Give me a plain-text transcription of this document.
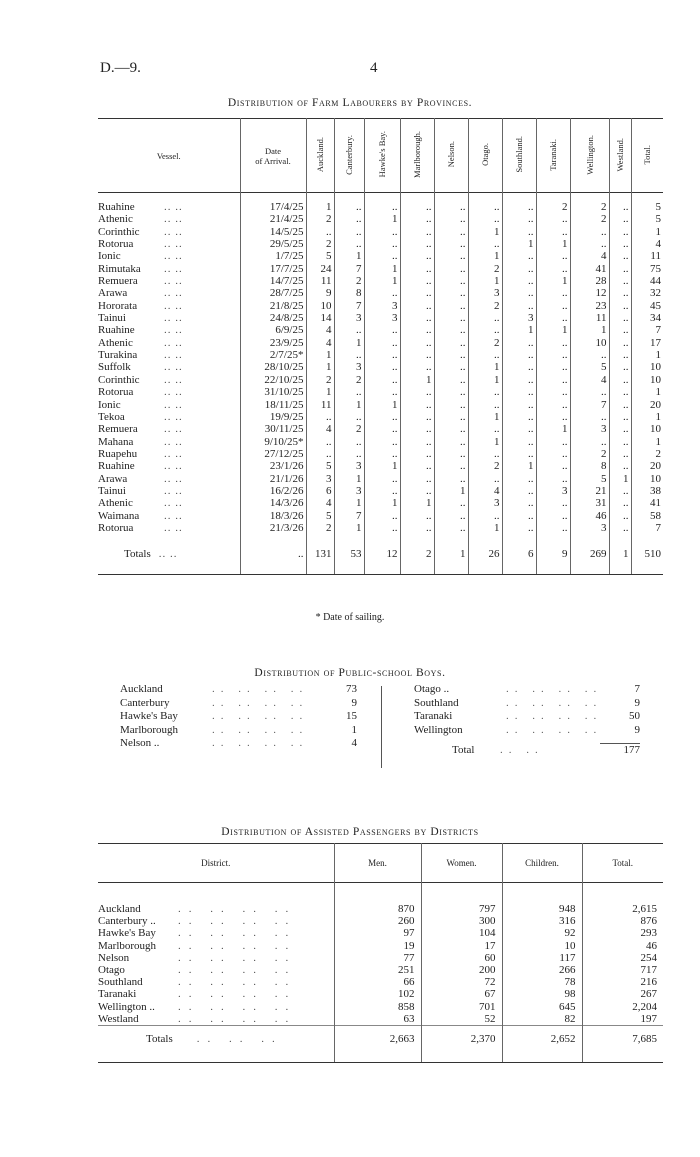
D.—9.	4
Distribution of Farm Labourers by Provinces.
Vessel.	Date
of Arrival.	Auckland.	Canterbury.	Hawke's Bay.	Marlborough.	Nelson.	Otago.	Southland.	Taranaki.	Wellington.	Westland.	Total.

Ruahine .. ..	17/4/25	1	..	..	..	..	..	..	2	2	..	5
Athenic .. ..	21/4/25	2	..	1	..	..	..	..	..	2	..	5
Corinthic .. ..	14/5/25	..	..	..	..	..	1	..	..	..	..	1
Rotorua .. ..	29/5/25	2	..	..	..	..	..	1	1	..	..	4
Ionic .. ..	1/7/25	5	1	..	..	..	1	..	..	4	..	11
Rimutaka .. ..	17/7/25	24	7	1	..	..	2	..	..	41	..	75
Remuera .. ..	14/7/25	11	2	1	..	..	1	..	1	28	..	44
Arawa .. ..	28/7/25	9	8	..	..	..	3	..	..	12	..	32
Hororata .. ..	21/8/25	10	7	3	..	..	2	..	..	23	..	45
Tainui .. ..	24/8/25	14	3	3	..	..	..	3	..	11	..	34
Ruahine .. ..	6/9/25	4	..	..	..	..	..	1	1	1	..	7
Athenic .. ..	23/9/25	4	1	..	..	..	2	..	..	10	..	17
Turakina .. ..	2/7/25*	1	..	..	..	..	..	..	..	..	..	1
Suffolk .. ..	28/10/25	1	3	..	..	..	1	..	..	5	..	10
Corinthic .. ..	22/10/25	2	2	..	1	..	1	..	..	4	..	10
Rotorua .. ..	31/10/25	1	..	..	..	..	..	..	..	..	..	1
Ionic .. ..	18/11/25	11	1	1	..	..	..	..	..	7	..	20
Tekoa .. ..	19/9/25	..	..	..	..	..	1	..	..	..	..	1
Remuera .. ..	30/11/25	4	2	..	..	..	..	..	1	3	..	10
Mahana .. ..	9/10/25*	..	..	..	..	..	1	..	..	..	..	1
Ruapehu .. ..	27/12/25	..	..	..	..	..	..	..	..	2	..	2
Ruahine .. ..	23/1/26	5	3	1	..	..	2	1	..	8	..	20
Arawa .. ..	21/1/26	3	1	..	..	..	..	..	..	5	1	10
Tainui .. ..	16/2/26	6	3	..	..	1	4	..	3	21	..	38
Athenic .. ..	14/3/26	4	1	1	1	..	3	..	..	31	..	41
Waimana .. ..	18/3/26	5	7	..	..	..	..	..	..	46	..	58
Rotorua .. ..	21/3/26	2	1	..	..	..	1	..	..	3	..	7

Totals .. ..	..	131	53	12	2	1	26	6	9	269	1	510

* Date of sailing.
Distribution of Public-school Boys.
Auckland	.. .. .. ..	73
Canterbury	.. .. .. ..	9
Hawke's Bay	.. .. .. ..	15
Marlborough	.. .. .. ..	1
Nelson ..	.. .. .. ..	4
Otago ..	.. .. .. ..	7
Southland	.. .. .. ..	9
Taranaki	.. .. .. .. 50
Wellington	.. .. .. ..	9
Total .. ..	177
Distribution of Assisted Passengers by Districts
District.	Men.	Women.	Children.	Total.

Auckland .. .. .. ..	870	797	948	2,615
Canterbury .. .. .. .. ..	260	300	316	876
Hawke's Bay .. .. .. ..	97	104	92	293
Marlborough .. .. .. ..	19	17	10	46
Nelson .. .. .. ..	77	60	117	254
Otago .. .. .. ..	251	200	266	717
Southland .. .. .. ..	66	72	78	216
Taranaki .. .. .. ..	102	67	98	267
Wellington .. .. .. .. ..	858	701	645	2,204
Westland .. .. .. ..	63	52	82	197
Totals .. .. ..	2,663	2,370	2,652	7,685
